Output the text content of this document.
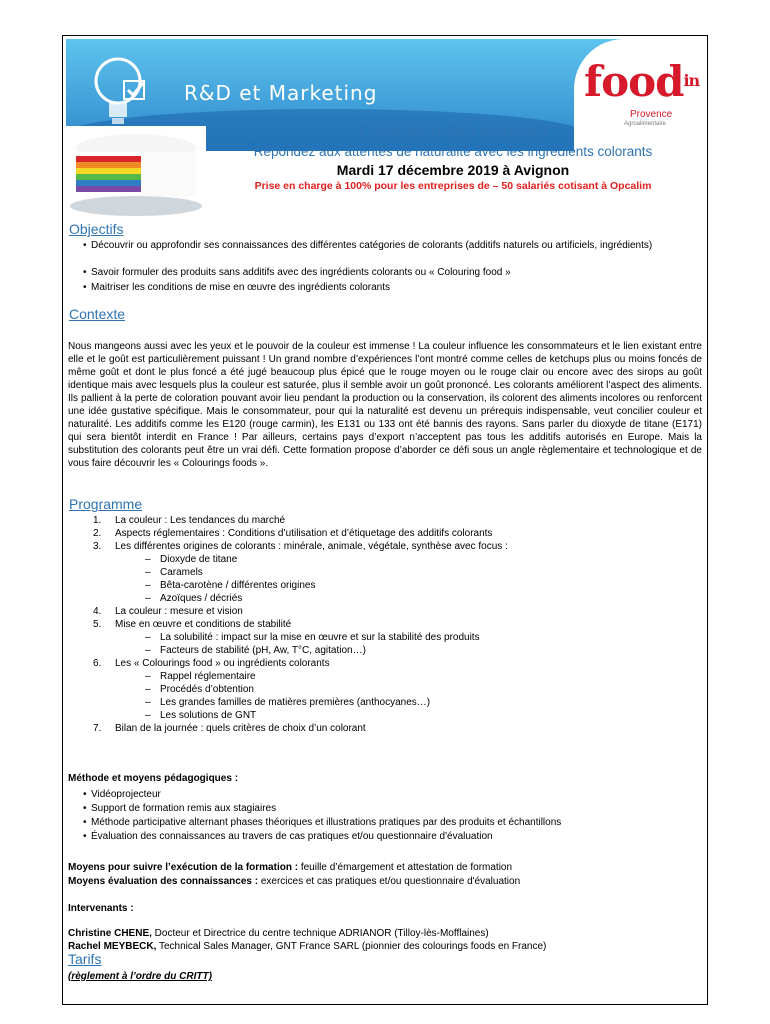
R&D et Marketing	food$^{in}$
Provence
Agroalimentaire
Coloration des aliments
Répondez aux attentes de naturalité avec les ingrédients colorants
Mardi 17 décembre 2019 à Avignon
Prise en charge à 100% pour les entreprises de – 50 salariés cotisant à Opcalim
Objectifs
• Découvrir ou approfondir ses connaissances des différentes catégories de colorants (additifs naturels ou artificiels, ingrédients)
• Savoir formuler des produits sans additifs avec des ingrédients colorants ou « Colouring food »
• Maitriser les conditions de mise en œuvre des ingrédients colorants
Contexte
Nous mangeons aussi avec les yeux et le pouvoir de la couleur est immense ! La couleur influence les consommateurs et le lien existant entre elle et le goût est particulièrement puissant ! Un grand nombre d’expériences l’ont montré comme celles de ketchups plus ou moins foncés de même goût et dont le plus foncé a été jugé beaucoup plus épicé que le rouge moyen ou le rouge clair ou encore avec des sirops au goût identique mais avec lesquels plus la couleur est saturée, plus il semble avoir un goût prononcé. Les colorants améliorent l’aspect des aliments. Ils pallient à la perte de coloration pouvant avoir lieu pendant la production ou la conservation, ils colorent des aliments incolores ou renforcent une idée gustative spécifique. Mais le consommateur, pour qui la naturalité est devenu un prérequis indispensable, veut concilier couleur et naturalité. Les additifs comme les E120 (rouge carmin), les E131 ou 133 ont été bannis des rayons. Sans parler du dioxyde de titane (E171) qui sera bientôt interdit en France ! Par ailleurs, certains pays d’export n’acceptent pas tous les additifs autorisés en Europe. Mais la substitution des colorants peut être un vrai défi. Cette formation propose d’aborder ce défi sous un angle règlementaire et technologique et de vous faire découvrir les « Colourings foods ».
Programme
1. La couleur : Les tendances du marché
2. Aspects réglementaires : Conditions d’utilisation et d’étiquetage des additifs colorants
3. Les différentes origines de colorants : minérale, animale, végétale, synthèse avec focus :
– Dioxyde de titane
– Caramels
– Bêta-carotène / différentes origines
– Azoïques / décriés
4. La couleur : mesure et vision
5. Mise en œuvre et conditions de stabilité
– La solubilité : impact sur la mise en œuvre et sur la stabilité des produits
– Facteurs de stabilité (pH, Aw, T°C, agitation…)
6. Les « Colourings food » ou ingrédients colorants
– Rappel réglementaire
– Procédés d’obtention
– Les grandes familles de matières premières (anthocyanes…)
– Les solutions de GNT
7. Bilan de la journée : quels critères de choix d’un colorant
Méthode et moyens pédagogiques :
• Vidéoprojecteur
• Support de formation remis aux stagiaires
• Méthode participative alternant phases théoriques et illustrations pratiques par des produits et échantillons
• Évaluation des connaissances au travers de cas pratiques et/ou questionnaire d'évaluation
Moyens pour suivre l’exécution de la formation : feuille d’émargement et attestation de formation
Moyens évaluation des connaissances : exercices et cas pratiques et/ou questionnaire d'évaluation
Intervenants :
Christine CHENE, Docteur et Directrice du centre technique ADRIANOR (Tilloy-lès-Mofflaines)
Rachel MEYBECK, Technical Sales Manager, GNT France SARL (pionnier des colourings foods en France)
Tarifs
(règlement à l’ordre du CRITT)
